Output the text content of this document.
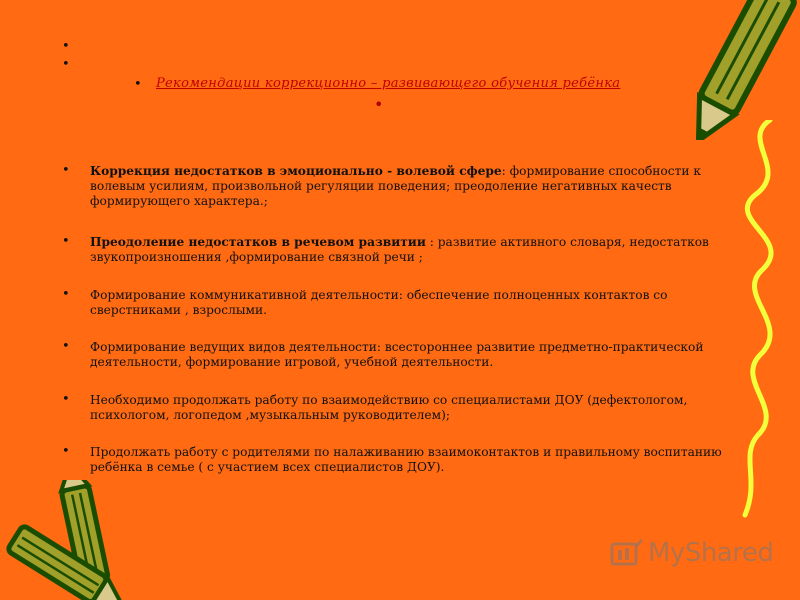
•
•
• Рекомендации коррекционно – развивающего обучения ребёнка
•
• Коррекция недостатков в эмоционально - волевой сфере: формирование способности к волевым усилиям, произвольной регуляции поведения; преодоление негативных качеств формирующего характера.;
• Преодоление недостатков в речевом развитии : развитие активного словаря, недостатков звукопроизношения ,формирование связной речи ;
• Формирование коммуникативной деятельности: обеспечение полноценных контактов со сверстниками , взрослыми.
• Формирование ведущих видов деятельности: всестороннее развитие предметно-практической деятельности, формирование игровой, учебной деятельности.
• Необходимо продолжать работу по взаимодействию со специалистами ДОУ (дефектологом, психологом, логопедом ,музыкальным руководителем);
• Продолжать работу с родителями по налаживанию взаимоконтактов и правильному воспитанию ребёнка в семье ( с участием всех специалистов ДОУ).
MyShared
